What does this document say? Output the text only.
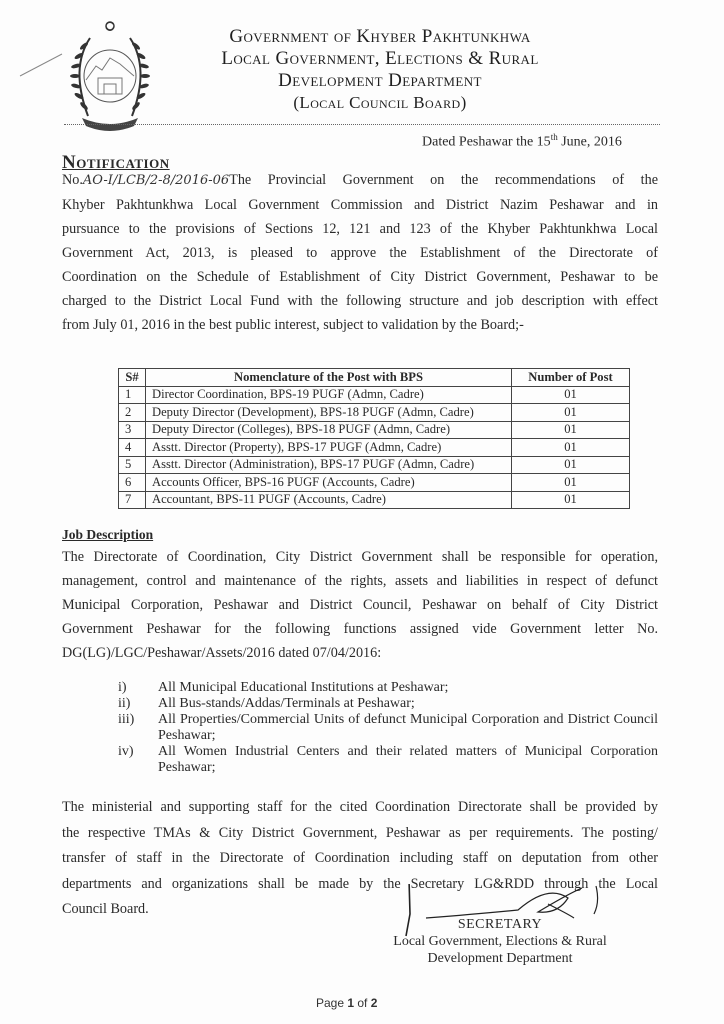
Government of Khyber Pakhtunkhwa
Local Government, Elections & Rural
Development Department
(Local Council Board)
Dated Peshawar the 15th June, 2016
Notification
No.AO-I/LCB/2-8/2016-06The Provincial Government on the recommendations of the
Khyber Pakhtunkhwa Local Government Commission and District Nazim Peshawar and in
pursuance to the provisions of Sections 12, 121 and 123 of the Khyber Pakhtunkhwa Local
Government Act, 2013, is pleased to approve the Establishment of the Directorate of
Coordination on the Schedule of Establishment of City District Government, Peshawar to be
charged to the District Local Fund with the following structure and job description with effect
from July 01, 2016 in the best public interest, subject to validation by the Board;-
S#	Nomenclature of the Post with BPS	Number of Post
1	Director Coordination, BPS-19 PUGF (Admn, Cadre)	01
2	Deputy Director (Development), BPS-18 PUGF (Admn, Cadre)	01
3	Deputy Director (Colleges), BPS-18 PUGF (Admn, Cadre)	01
4	Asstt. Director (Property), BPS-17 PUGF (Admn, Cadre)	01
5	Asstt. Director (Administration), BPS-17 PUGF (Admn, Cadre)	01
6	Accounts Officer, BPS-16 PUGF (Accounts, Cadre)	01
7	Accountant, BPS-11 PUGF (Accounts, Cadre)	01
Job Description
The Directorate of Coordination, City District Government shall be responsible for operation,
management, control and maintenance of the rights, assets and liabilities in respect of defunct
Municipal Corporation, Peshawar and District Council, Peshawar on behalf of City District
Government Peshawar for the following functions assigned vide Government letter No.
DG(LG)/LGC/Peshawar/Assets/2016 dated 07/04/2016:
i)	All Municipal Educational Institutions at Peshawar;
ii)	All Bus-stands/Addas/Terminals at Peshawar;
iii)	All Properties/Commercial Units of defunct Municipal Corporation and District Council Peshawar;
iv)	All Women Industrial Centers and their related matters of Municipal Corporation Peshawar;
The ministerial and supporting staff for the cited Coordination Directorate shall be provided by
the respective TMAs & City District Government, Peshawar as per requirements. The posting/
transfer of staff in the Directorate of Coordination including staff on deputation from other
departments and organizations shall be made by the Secretary LG&RDD through the Local
Council Board.
SECRETARY
Local Government, Elections & Rural
Development Department
Page 1 of 2
